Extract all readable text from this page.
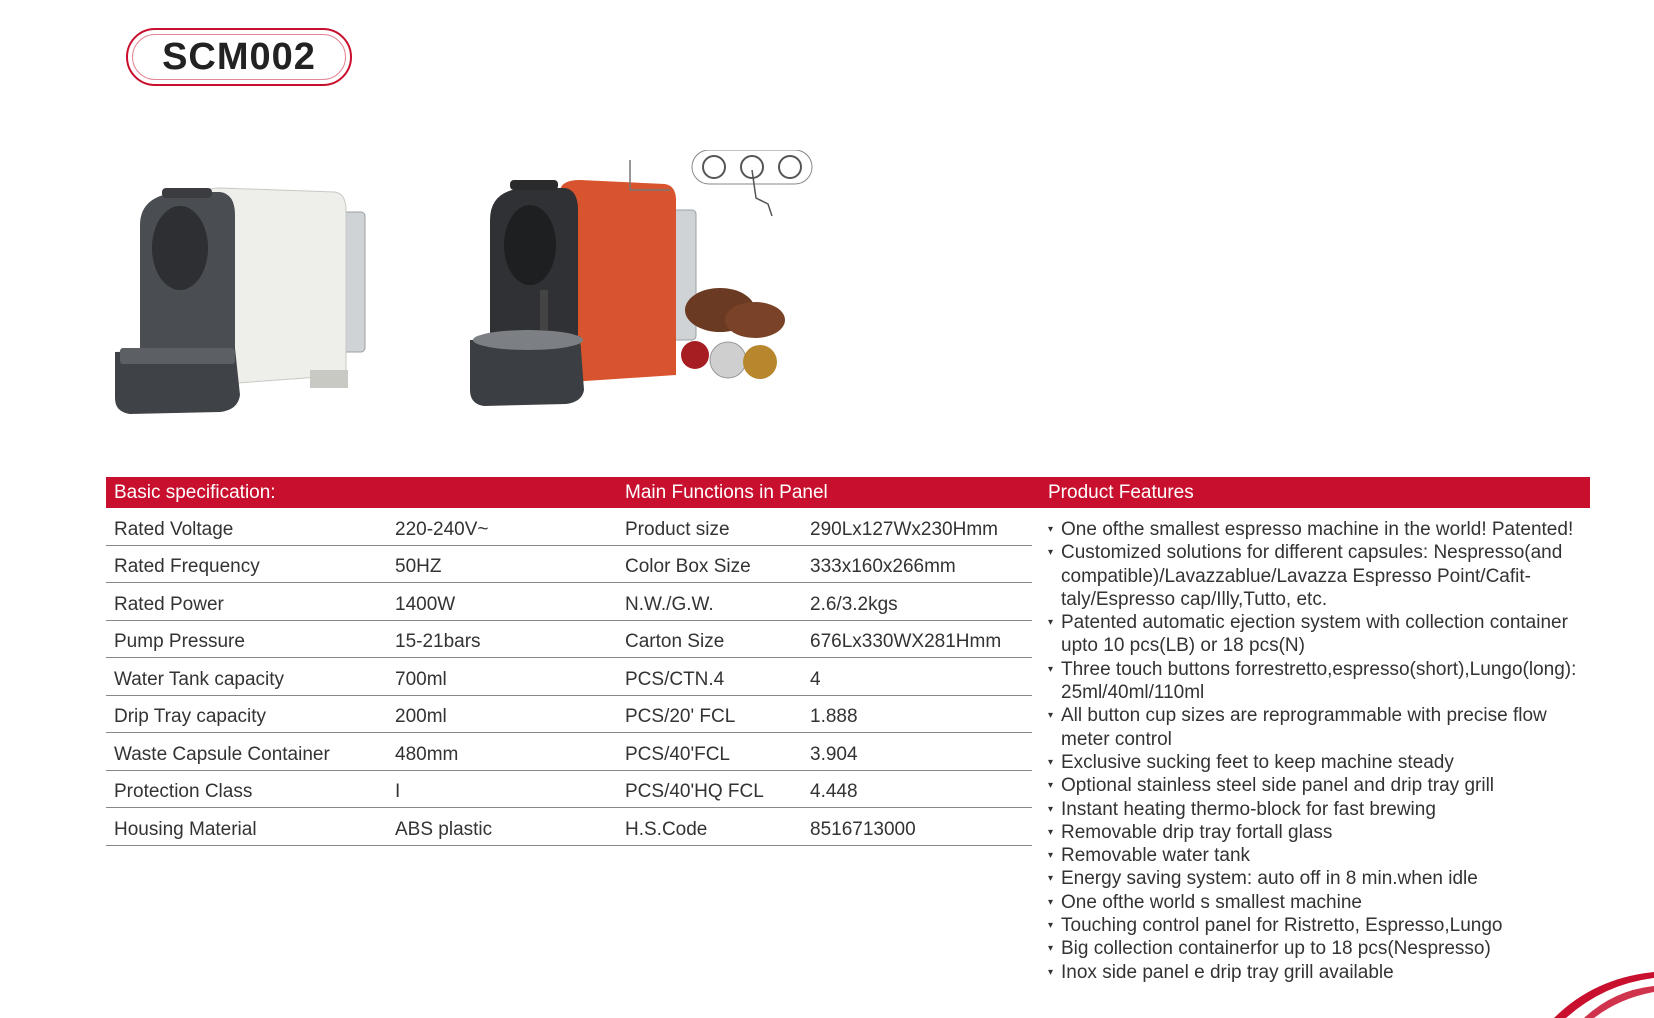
SCM002
Basic specification:	Main Functions in Panel	Product Features
Rated Voltage	220-240V~	Product size	290Lx127Wx230Hmm
Rated Frequency	50HZ	Color Box Size	333x160x266mm
Rated Power	1400W	N.W./G.W.	2.6/3.2kgs
Pump Pressure	15-21bars	Carton Size	676Lx330WX281Hmm
Water Tank capacity	700ml	PCS/CTN.4	4
Drip Tray capacity	200ml	PCS/20' FCL	1.888
Waste Capsule Container	480mm	PCS/40'FCL	3.904
Protection Class	I	PCS/40'HQ FCL 4.448
Housing Material	ABS plastic	H.S.Code	8516713000
▾ One ofthe smallest espresso machine in the world! Patented!
▾ Customized solutions for different capsules: Nespresso(and compatible)/Lavazzablue/Lavazza Espresso Point/Cafit-taly/Espresso cap/Illy,Tutto, etc.
▾ Patented automatic ejection system with collection container upto 10 pcs(LB) or 18 pcs(N)
▾ Three touch buttons forrestretto,espresso(short),Lungo(long): 25ml/40ml/110ml
▾ All button cup sizes are reprogrammable with precise flow meter control
▾ Exclusive sucking feet to keep machine steady
▾ Optional stainless steel side panel and drip tray grill
▾ Instant heating thermo-block for fast brewing
▾ Removable drip tray fortall glass
▾ Removable water tank
▾ Energy saving system: auto off in 8 min.when idle
▾ One ofthe world s smallest machine
▾ Touching control panel for Ristretto, Espresso,Lungo
▾ Big collection containerfor up to 18 pcs(Nespresso)
▾ Inox side panel e drip tray grill available
